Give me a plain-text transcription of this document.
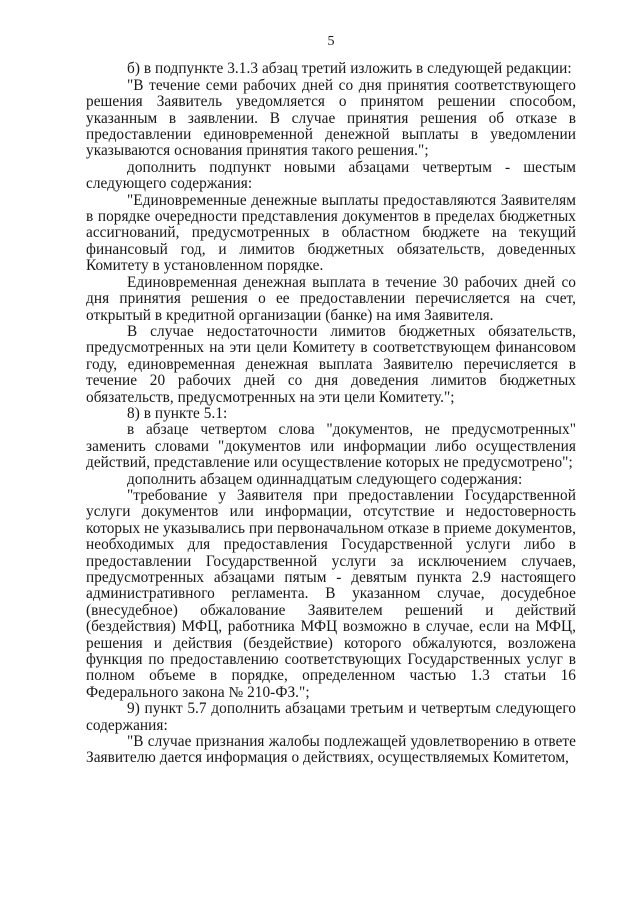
5

б) в подпункте 3.1.3 абзац третий изложить в следующей редакции:

"В течение семи рабочих дней со дня принятия соответствующего решения Заявитель уведомляется о принятом решении способом, указанным в заявлении. В случае принятия решения об отказе в предоставлении единовременной денежной выплаты в уведомлении указываются основания принятия такого решения.";

дополнить подпункт новыми абзацами четвертым - шестым следующего содержания:

"Единовременные денежные выплаты предоставляются Заявителям в порядке очередности представления документов в пределах бюджетных ассигнований, предусмотренных в областном бюджете на текущий финансовый год, и лимитов бюджетных обязательств, доведенных Комитету в установленном порядке.

Единовременная денежная выплата в течение 30 рабочих дней со дня принятия решения о ее предоставлении перечисляется на счет, открытый в кредитной организации (банке) на имя Заявителя.

В случае недостаточности лимитов бюджетных обязательств, предусмотренных на эти цели Комитету в соответствующем финансовом году, единовременная денежная выплата Заявителю перечисляется в течение 20 рабочих дней со дня доведения лимитов бюджетных обязательств, предусмотренных на эти цели Комитету.";

8) в пункте 5.1:

в абзаце четвертом слова "документов, не предусмотренных" заменить словами "документов или информации либо осуществления действий, представление или осуществление которых не предусмотрено";

дополнить абзацем одиннадцатым следующего содержания:

"требование у Заявителя при предоставлении Государственной услуги документов или информации, отсутствие и недостоверность которых не указывались при первоначальном отказе в приеме документов, необходимых для предоставления Государственной услуги либо в предоставлении Государственной услуги за исключением случаев, предусмотренных абзацами пятым - девятым пункта 2.9 настоящего административного регламента. В указанном случае, досудебное (внесудебное) обжалование Заявителем решений и действий (бездействия) МФЦ, работника МФЦ возможно в случае, если на МФЦ, решения и действия (бездействие) которого обжалуются, возложена функция по предоставлению соответствующих Государственных услуг в полном объеме в порядке, определенном частью 1.3 статьи 16 Федерального закона № 210-ФЗ.";

9) пункт 5.7 дополнить абзацами третьим и четвертым следующего содержания:

"В случае признания жалобы подлежащей удовлетворению в ответе Заявителю дается информация о действиях, осуществляемых Комитетом,
